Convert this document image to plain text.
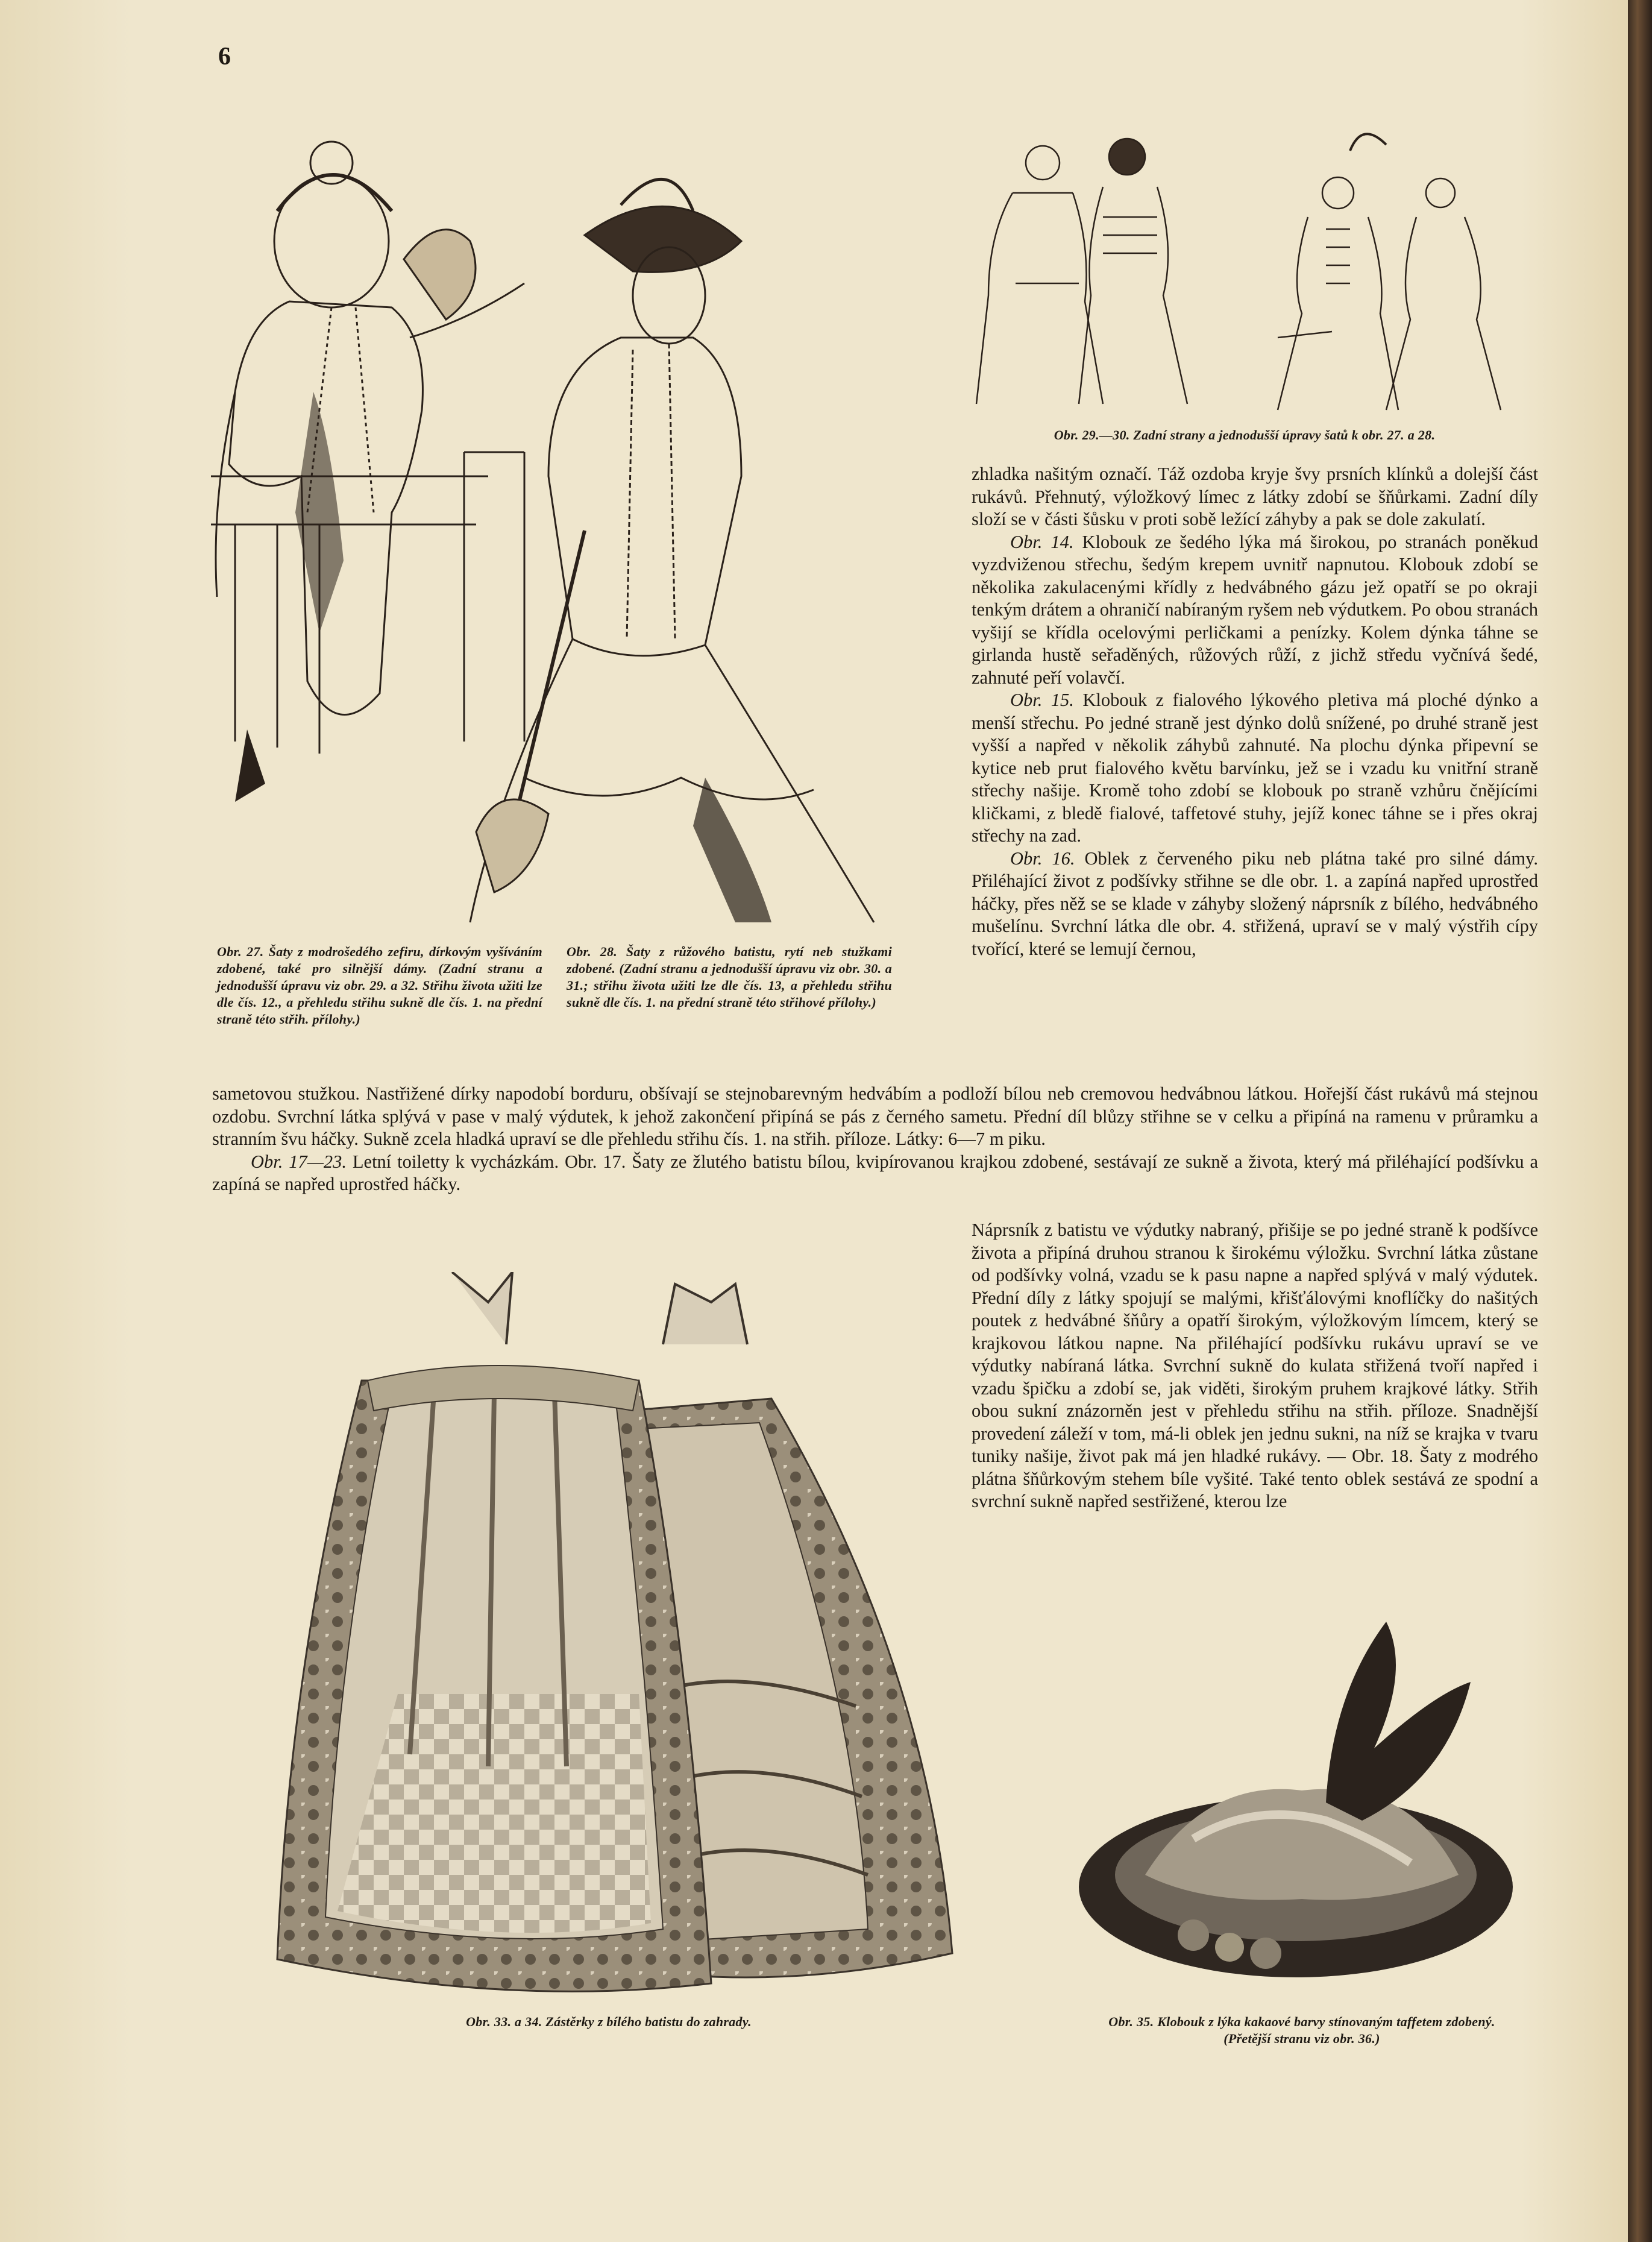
6
Obr. 27. Šaty z modrošedého zefiru, dírkovým vyšíváním zdobené, také pro silnější dámy. (Zadní stranu a jednodušší úpravu viz obr. 29. a 32. Střihu života užiti lze dle čís. 12., a přehledu střihu sukně dle čís. 1. na přední straně této střih. přílohy.)
Obr. 28. Šaty z růžového batistu, rytí neb stužkami zdobené. (Zadní stranu a jednodušší úpravu viz obr. 30. a 31.; střihu života užiti lze dle čís. 13, a přehledu střihu sukně dle čís. 1. na přední straně této střihové přílohy.)
Obr. 29.—30. Zadní strany a jednodušší úpravy šatů k obr. 27. a 28.

zhladka našitým označí. Táž ozdoba kryje švy prsních klínků a dolejší část rukávů. Přehnutý, výložkový límec z látky zdobí se šňůrkami. Zadní díly složí se v části šůsku v proti sobě ležící záhyby a pak se dole zakulatí.

Obr. 14. Klobouk ze šedého lýka má širokou, po stranách poněkud vyzdviženou střechu, šedým krepem uvnitř napnutou. Klobouk zdobí se několika zakulacenými křídly z hedvábného gázu jež opatří se po okraji tenkým drátem a ohraničí nabíraným ryšem neb výdutkem. Po obou stranách vyšijí se křídla ocelovými perličkami a penízky. Kolem dýnka táhne se girlanda hustě seřaděných, růžových růží, z jichž středu vyčnívá šedé, zahnuté peří volavčí.

Obr. 15. Klobouk z fialového lýkového pletiva má ploché dýnko a menší střechu. Po jedné straně jest dýnko dolů snížené, po druhé straně jest vyšší a napřed v několik záhybů zahnuté. Na plochu dýnka připevní se kytice neb prut fialového květu barvínku, jež se i vzadu ku vnitřní straně střechy našije. Kromě toho zdobí se klobouk po straně vzhůru čnějícími kličkami, z bledě fialové, taffetové stuhy, jejíž konec táhne se i přes okraj střechy na zad.

Obr. 16. Oblek z červeného piku neb plátna také pro silné dámy. Přiléhající život z podšívky střihne se dle obr. 1. a zapíná napřed uprostřed háčky, přes něž se se klade v záhyby složený náprsník z bílého, hedvábného mušelínu. Svrchní látka dle obr. 4. střižená, upraví se v malý výstřih cípy tvořící, které se lemují černou,

sametovou stužkou. Nastřižené dírky napodobí borduru, obšívají se stejnobarevným hedvábím a podloží bílou neb cremovou hedvábnou látkou. Hořejší část rukávů má stejnou ozdobu. Svrchní látka splývá v pase v malý výdutek, k jehož zakončení připíná se pás z černého sametu. Přední díl blůzy střihne se v celku a připíná na ramenu v průramku a stranním švu háčky. Sukně zcela hladká upraví se dle přehledu střihu čís. 1. na střih. příloze. Látky: 6—7 m piku.

Obr. 17—23. Letní toiletty k vycházkám. Obr. 17. Šaty ze žlutého batistu bílou, kvipírovanou krajkou zdobené, sestávají ze sukně a života, který má přiléhající podšívku a zapíná se napřed uprostřed háčky.

Obr. 33. a 34. Zástěrky z bílého batistu do zahrady.

Náprsník z batistu ve výdutky nabraný, přišije se po jedné straně k podšívce života a připíná druhou stranou k širokému výložku. Svrchní látka zůstane od podšívky volná, vzadu se k pasu napne a napřed splývá v malý výdutek. Přední díly z látky spojují se malými, křišťálovými knoflíčky do našitých poutek z hedvábné šňůry a opatří širokým, výložkovým límcem, který se krajkovou látkou napne. Na přiléhající podšívku rukávu upraví se ve výdutky nabíraná látka. Svrchní sukně do kulata střižená tvoří napřed i vzadu špičku a zdobí se, jak viděti, širokým pruhem krajkové látky. Střih obou sukní znázorněn jest v přehledu střihu na střih. příloze. Snadnější provedení záleží v tom, má-li oblek jen jednu sukni, na níž se krajka v tvaru tuniky našije, život pak má jen hladké rukávy. — Obr. 18. Šaty z modrého plátna šňůrkovým stehem bíle vyšité. Také tento oblek sestává ze spodní a svrchní sukně napřed sestřižené, kterou lze

Obr. 35. Klobouk z lýka kakaové barvy stínovaným taffetem zdobený. (Přetější stranu viz obr. 36.)
